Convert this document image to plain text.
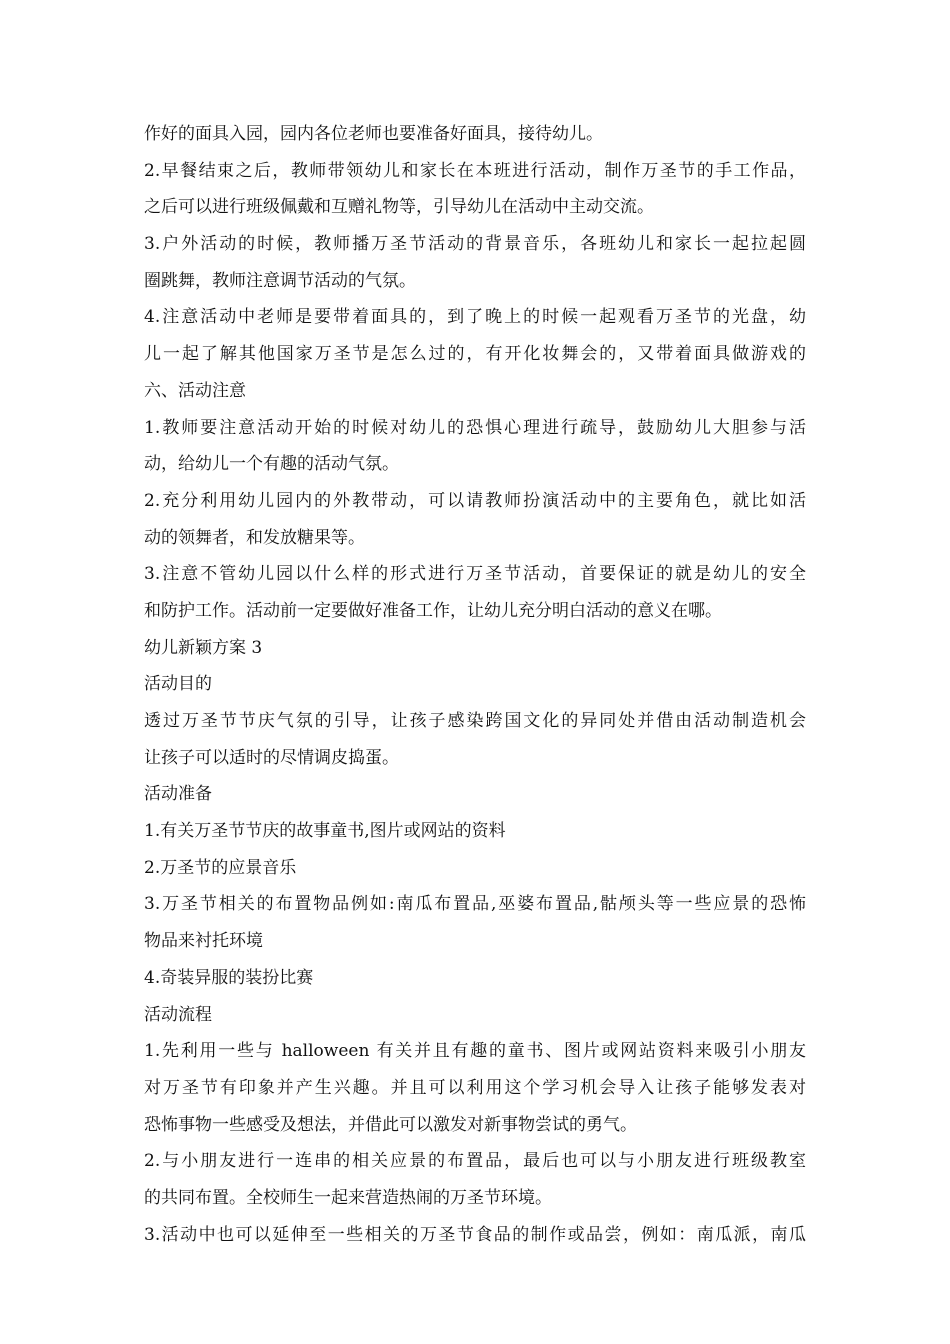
作好的面具入园，园内各位老师也要准备好面具，接待幼儿。
2.早餐结束之后，教师带领幼儿和家长在本班进行活动，制作万圣节的手工作品，
之后可以进行班级佩戴和互赠礼物等，引导幼儿在活动中主动交流。
3.户外活动的时候，教师播万圣节活动的背景音乐，各班幼儿和家长一起拉起圆
圈跳舞，教师注意调节活动的气氛。
4.注意活动中老师是要带着面具的，到了晚上的时候一起观看万圣节的光盘，幼
儿一起了解其他国家万圣节是怎么过的，有开化妆舞会的，又带着面具做游戏的
六、活动注意
1.教师要注意活动开始的时候对幼儿的恐惧心理进行疏导，鼓励幼儿大胆参与活
动，给幼儿一个有趣的活动气氛。
2.充分利用幼儿园内的外教带动，可以请教师扮演活动中的主要角色，就比如活
动的领舞者，和发放糖果等。
3.注意不管幼儿园以什么样的形式进行万圣节活动，首要保证的就是幼儿的安全
和防护工作。活动前一定要做好准备工作，让幼儿充分明白活动的意义在哪。
幼儿新颖方案 3
活动目的
透过万圣节节庆气氛的引导，让孩子感染跨国文化的异同处并借由活动制造机会
让孩子可以适时的尽情调皮捣蛋。
活动准备
1.有关万圣节节庆的故事童书,图片或网站的资料
2.万圣节的应景音乐
3.万圣节相关的布置物品例如:南瓜布置品,巫婆布置品,骷颅头等一些应景的恐怖
物品来衬托环境
4.奇装异服的装扮比赛
活动流程
1.先利用一些与 halloween 有关并且有趣的童书、图片或网站资料来吸引小朋友
对万圣节有印象并产生兴趣。并且可以利用这个学习机会导入让孩子能够发表对
恐怖事物一些感受及想法，并借此可以激发对新事物尝试的勇气。
2.与小朋友进行一连串的相关应景的布置品，最后也可以与小朋友进行班级教室
的共同布置。全校师生一起来营造热闹的万圣节环境。
3.活动中也可以延伸至一些相关的万圣节食品的制作或品尝，例如：南瓜派，南瓜
